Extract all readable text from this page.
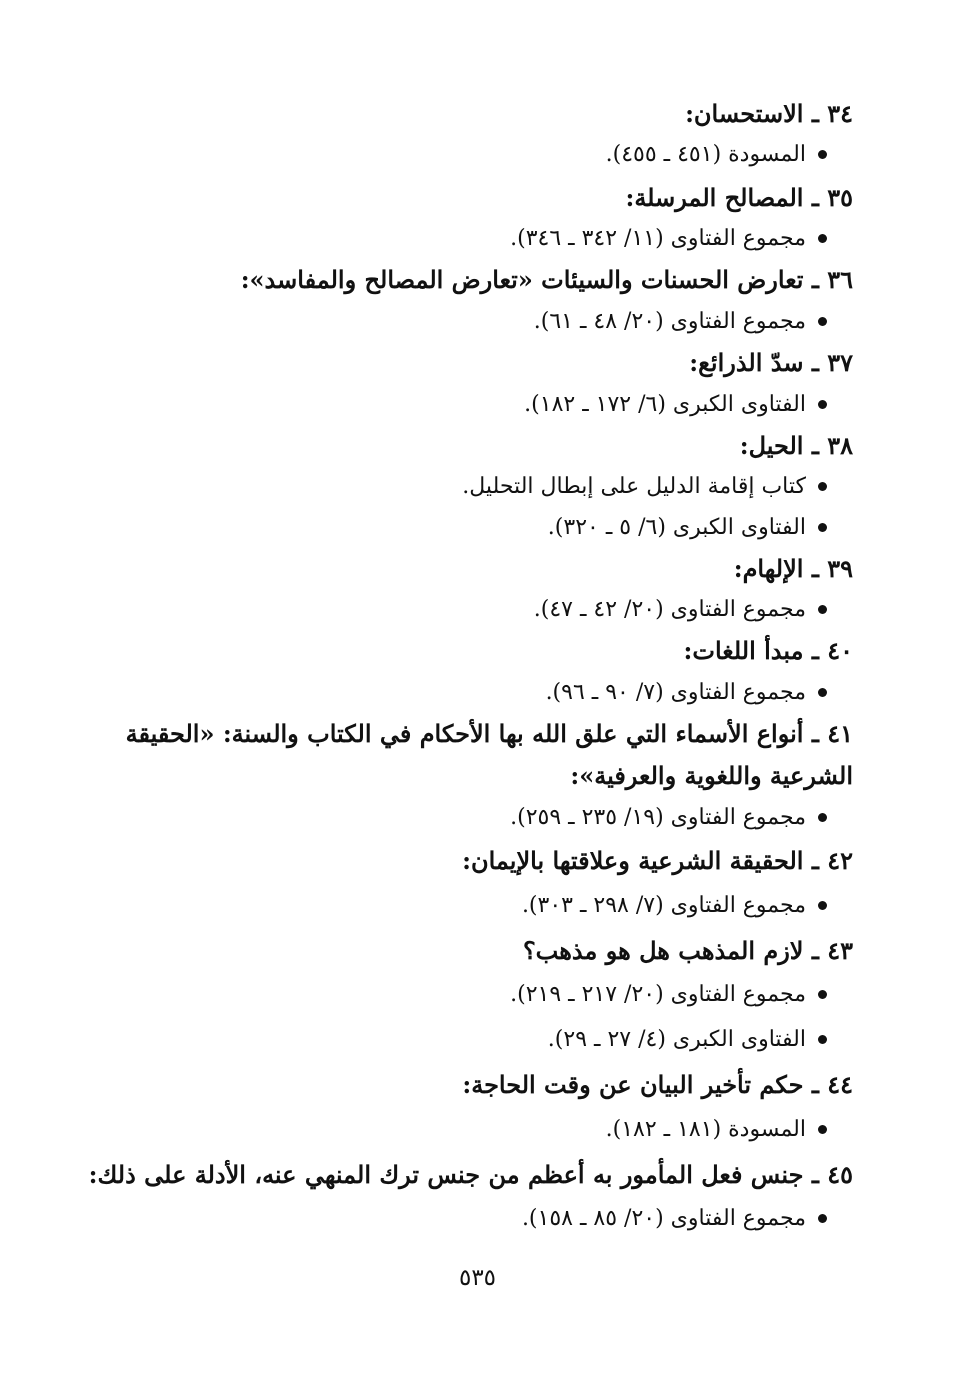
٣٤ ـ الاستحسان:
المسودة (٤٥١ ـ ٤٥٥).
٣٥ ـ المصالح المرسلة:
مجموع الفتاوى (١١/ ٣٤٢ ـ ٣٤٦).
٣٦ ـ تعارض الحسنات والسيئات «تعارض المصالح والمفاسد»:
مجموع الفتاوى (٢٠/ ٤٨ ـ ٦١).
٣٧ ـ سدّ الذرائع:
الفتاوى الكبرى (٦/ ١٧٢ ـ ١٨٢).
٣٨ ـ الحيل:
كتاب إقامة الدليل على إبطال التحليل.
الفتاوى الكبرى (٦/ ٥ ـ ٣٢٠).
٣٩ ـ الإلهام:
مجموع الفتاوى (٢٠/ ٤٢ ـ ٤٧).
٤٠ ـ مبدأ اللغات:
مجموع الفتاوى (٧/ ٩٠ ـ ٩٦).
٤١ ـ أنواع الأسماء التي علق الله بها الأحكام في الكتاب والسنة: «الحقيقة
الشرعية واللغوية والعرفية»:
مجموع الفتاوى (١٩/ ٢٣٥ ـ ٢٥٩).
٤٢ ـ الحقيقة الشرعية وعلاقتها بالإيمان:
مجموع الفتاوى (٧/ ٢٩٨ ـ ٣٠٣).
٤٣ ـ لازم المذهب هل هو مذهب؟
مجموع الفتاوى (٢٠/ ٢١٧ ـ ٢١٩).
الفتاوى الكبرى (٤/ ٢٧ ـ ٢٩).
٤٤ ـ حكم تأخير البيان عن وقت الحاجة:
المسودة (١٨١ ـ ١٨٢).
٤٥ ـ جنس فعل المأمور به أعظم من جنس ترك المنهي عنه، الأدلة على ذلك:
مجموع الفتاوى (٢٠/ ٨٥ ـ ١٥٨).
٥٣٥
